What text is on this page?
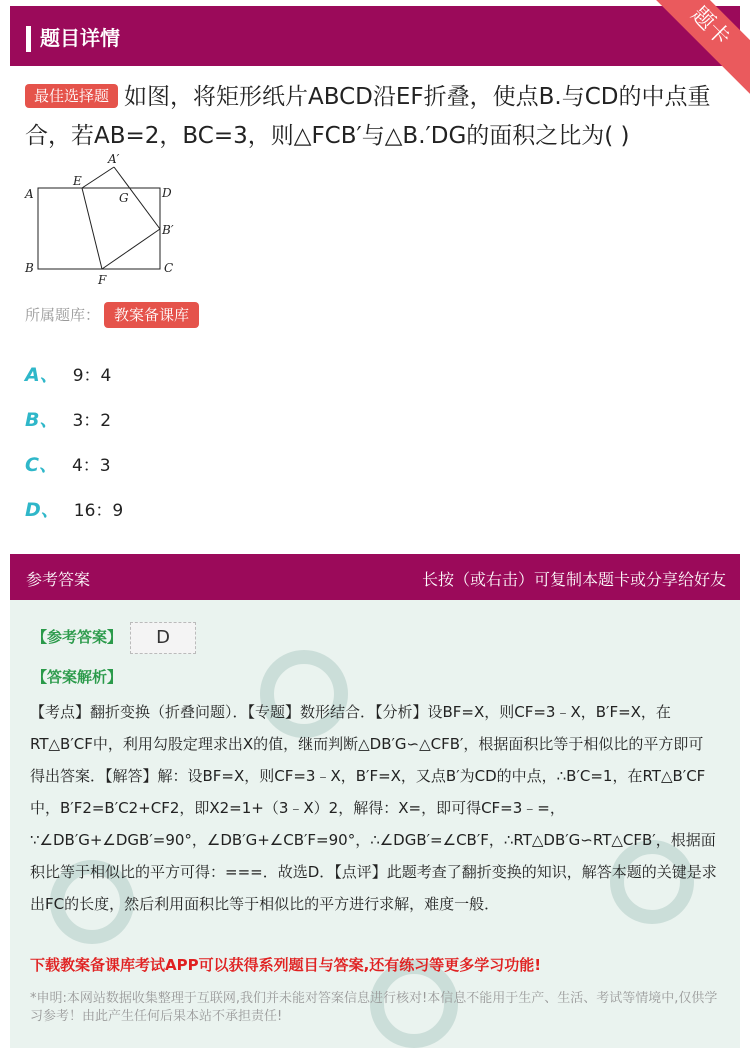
题目详情	题卡
最佳选择题 如图，将矩形纸片ABCD沿EF折叠，使点B.与CD的中点重合，若AB=2，BC=3，则△FCB′与△B.′DG的面积之比为( )
A
B	C
D
E
F
G
A′
B′
所属题库： 教案备课库
A、 9：4
B、 3：2
C、 4：3
D、 16：9
参考答案	长按（或右击）可复制本题卡或分享给好友
【参考答案】	D
【答案解析】
【考点】翻折变换（折叠问题）．【专题】数形结合．【分析】设BF=X，则CF=3﹣X，B′F=X，在RT△B′CF中，利用勾股定理求出X的值，继而判断△DB′G∽△CFB′，根据面积比等于相似比的平方即可得出答案．【解答】解：设BF=X，则CF=3﹣X，B′F=X，又点B′为CD的中点，∴B′C=1，在RT△B′CF中，B′F2=B′C2+CF2，即X2=1+（3﹣X）2，解得：X=，即可得CF=3﹣=，∵∠DB′G+∠DGB′=90°，∠DB′G+∠CB′F=90°，∴∠DGB′=∠CB′F，∴RT△DB′G∽RT△CFB′，根据面积比等于相似比的平方可得：===．故选D．【点评】此题考查了翻折变换的知识，解答本题的关键是求出FC的长度，然后利用面积比等于相似比的平方进行求解，难度一般．
下载教案备课库考试APP可以获得系列题目与答案,还有练习等更多学习功能!
*申明:本网站数据收集整理于互联网,我们并未能对答案信息进行核对!本信息不能用于生产、生活、考试等情境中,仅供学习参考！由此产生任何后果本站不承担责任!
